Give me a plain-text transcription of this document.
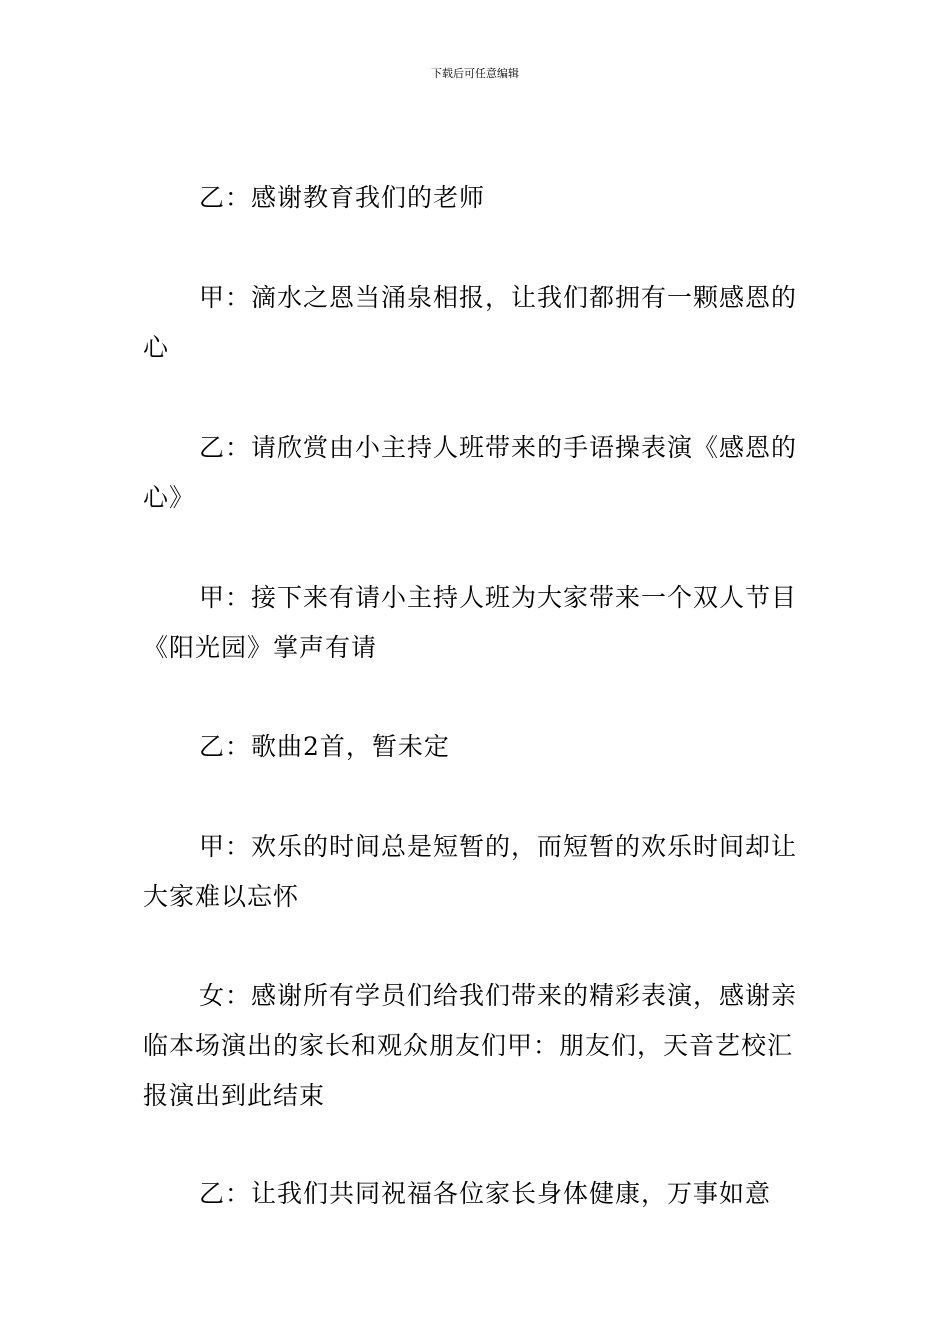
下载后可任意编辑

乙：感谢教育我们的老师

甲：滴水之恩当涌泉相报，让我们都拥有一颗感恩的心

乙：请欣赏由小主持人班带来的手语操表演《感恩的心》

甲：接下来有请小主持人班为大家带来一个双人节目《阳光园》掌声有请

乙：歌曲2首，暂未定

甲：欢乐的时间总是短暂的，而短暂的欢乐时间却让大家难以忘怀

女：感谢所有学员们给我们带来的精彩表演，感谢亲临本场演出的家长和观众朋友们甲：朋友们，天音艺校汇报演出到此结束

乙：让我们共同祝福各位家长身体健康，万事如意
